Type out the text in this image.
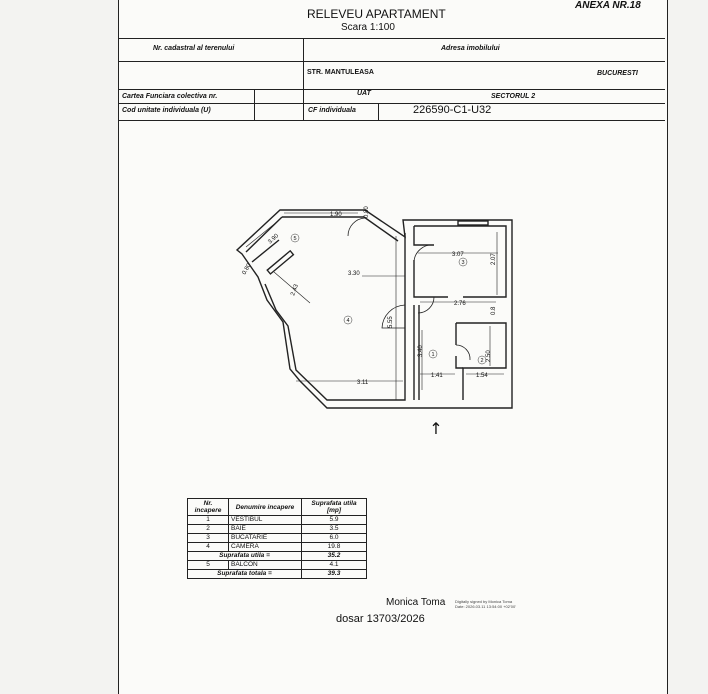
ANEXA NR.18
RELEVEU APARTAMENT
Scara 1:100
Nr. cadastral al terenului	Adresa imobilului
STR. MANTULEASA	BUCURESTI
Cartea Funciara colectiva nr.	UAT	SECTORUL 2
Cod unitate individuala (U)	CF individuala	226590-C1-U32
1.90	0.80
3.30
3.07	2.07
2.76
0.8
2.43
5.55
3.40	2.50
1.41	1.54
3.11
3.90
0.80
1
2
3
4
5
↑
Nr. incapere	Denumire incapere	Suprafata utila [mp]
1	VESTIBUL	5.9
2	BAIE	3.5
3	BUCATARIE	6.0
4	CAMERA	19.8
Suprafata utila =		35.2
5	BALCON	4.1
Suprafata totala =		39.3
Monica Toma Digitally signed by Monica Toma
Date: 2026.03.11 13:54:00 +02'00'
dosar 13703/2026
